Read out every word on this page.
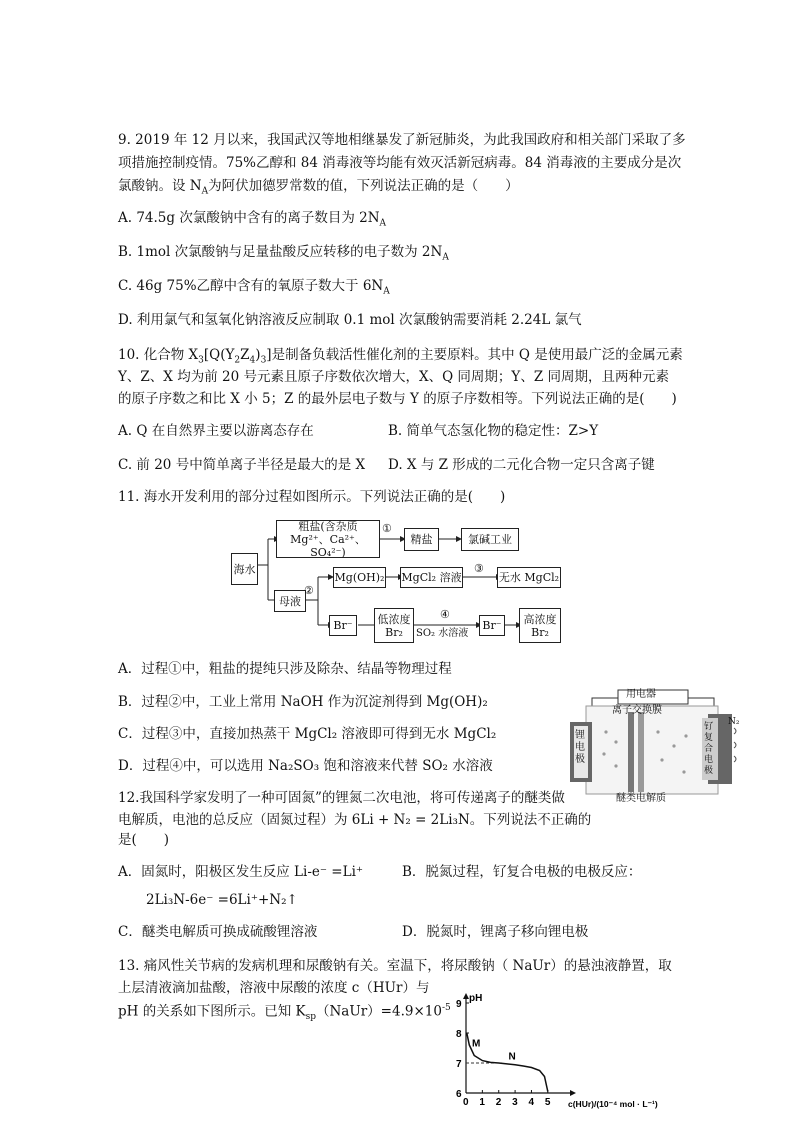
9. 2019 年 12 月以来，我国武汉等地相继暴发了新冠肺炎，为此我国政府和相关部门采取了多
项措施控制疫情。75%乙醇和 84 消毒液等均能有效灭活新冠病毒。84 消毒液的主要成分是次
氯酸钠。设 $N_A$为阿伏加德罗常数的值，下列说法正确的是（　　）
A. 74.5g 次氯酸钠中含有的离子数目为 $2N_A$
B. 1mol 次氯酸钠与足量盐酸反应转移的电子数为 $2N_A$
C. 46g 75%乙醇中含有的氧原子数大于 $6N_A$
D. 利用氯气和氢氧化钠溶液反应制取 0.1 mol 次氯酸钠需要消耗 2.24L 氯气
10. 化合物 $X_3[Q(Y_2Z_4)_3]$是制备负载活性催化剂的主要原料。其中 Q 是使用最广泛的金属元素
Y、Z、X 均为前 20 号元素且原子序数依次增大，X、Q 同周期；Y、Z 同周期，且两种元素
的原子序数之和比 X 小 5；Z 的最外层电子数与 Y 的原子序数相等。下列说法正确的是(　　)
A. Q 在自然界主要以游离态存在	B. 简单气态氢化物的稳定性：Z>Y
C. 前 20 号中简单离子半径是最大的是 X D. X 与 Z 形成的二元化合物一定只含离子键
11. 海水开发利用的部分过程如图所示。下列说法正确的是(　　)
海水
粗盐(含杂质
Mg²⁺、Ca²⁺、SO₄²⁻)
①
精盐	氯碱工业
母液
②
Mg(OH)₂ MgCl₂ 溶液
③
无水 MgCl₂
Br⁻	低浓度
Br₂
④
SO₂ 水溶液
Br⁻	高浓度
Br₂
A．过程①中，粗盐的提纯只涉及除杂、结晶等物理过程
B．过程②中，工业上常用 NaOH 作为沉淀剂得到 Mg(OH)₂
C．过程③中，直接加热蒸干 MgCl₂ 溶液即可得到无水 MgCl₂
D．过程④中，可以选用 Na₂SO₃ 饱和溶液来代替 SO₂ 水溶液
用电器
离子交换膜
锂电极
钌复合电极
N₂
醚类电解质
12.我国科学家发明了一种可固氮”的锂氮二次电池，将可传递离子的醚类做
电解质，电池的总反应（固氮过程）为 6Li + N₂ = 2Li₃N。下列说法不正确的
是(　　)
A．固氮时，阳极区发生反应 Li-e⁻ =Li⁺	B．脱氮过程，钌复合电极的电极反应：
2Li₃N-6e⁻ =6Li⁺+N₂↑
C．醚类电解质可换成硫酸锂溶液	D．脱氮时，锂离子移向锂电极
13. 痛风性关节病的发病机理和尿酸钠有关。室温下，将尿酸钠（ NaUr）的悬浊液静置，取
上层清液滴加盐酸，溶液中尿酸的浓度 c（HUr）与
pH 的关系如下图所示。已知 $K_{sp}(NaUr)=4.9\times 10^{-5}$
pH
c(HUr)/(10⁻⁴ mol · L⁻¹)
6
7
8
9
0 1 2 3 4 5
M
N
